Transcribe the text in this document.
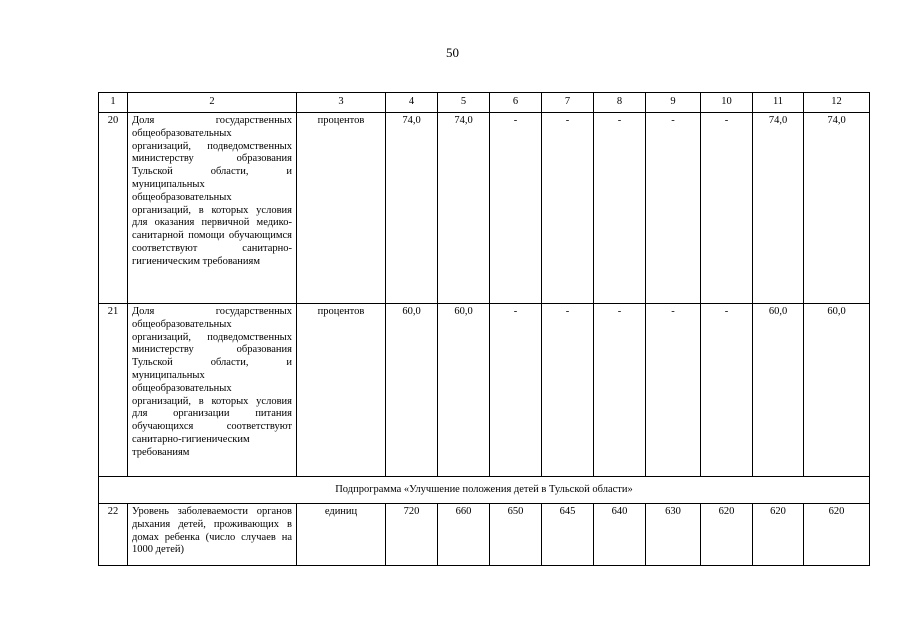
50
1	2	3	4	5	6	7	8	9	10	11	12
20	Доля государственных общеобразовательных организаций, подведомственных министерству образования Тульской области, и муниципальных общеобразовательных организаций, в которых условия для оказания первичной медико-санитарной помощи обучающимся соответствуют санитарно-гигиеническим требованиям	процентов	74,0	74,0	-	-	-	-	-	74,0	74,0
21	Доля государственных общеобразовательных организаций, подведомственных министерству образования Тульской области, и муниципальных общеобразовательных организаций, в которых условия для организации питания обучающихся соответствуют санитарно-гигиеническим требованиям	процентов	60,0	60,0	-	-	-	-	-	60,0	60,0
Подпрограмма «Улучшение положения детей в Тульской области»											
22	Уровень заболеваемости органов дыхания детей, проживающих в домах ребенка (число случаев на 1000 детей)	единиц	720	660	650	645	640	630	620	620	620
